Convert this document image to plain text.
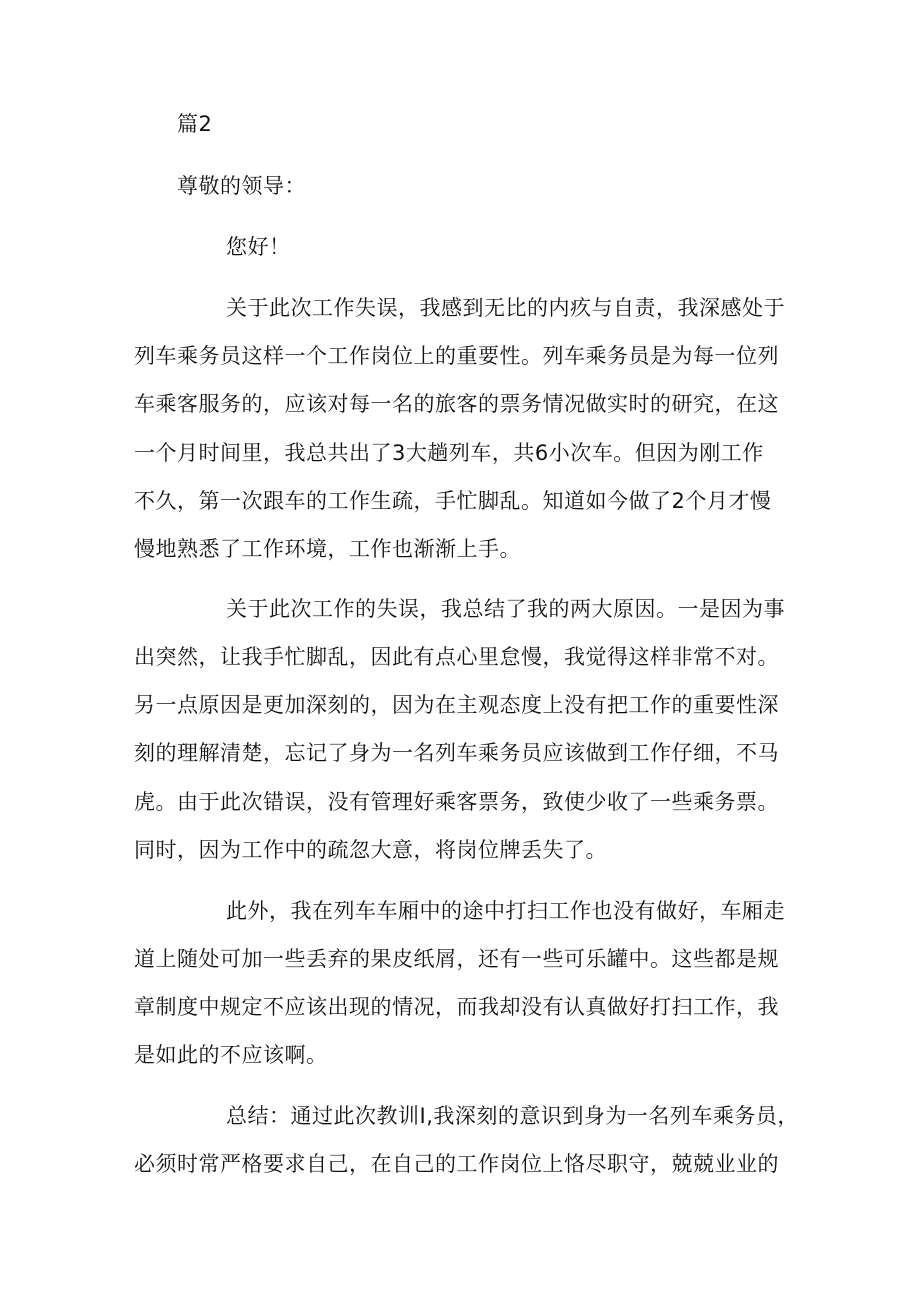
篇2
尊敬的领导：
您好！
关于此次工作失误，我感到无比的内疚与自责，我深感处于
列车乘务员这样一个工作岗位上的重要性。列车乘务员是为每一位列
车乘客服务的，应该对每一名的旅客的票务情况做实时的研究，在这
一个月时间里，我总共出了3大趟列车，共6小次车。但因为刚工作
不久，第一次跟车的工作生疏，手忙脚乱。知道如今做了2个月才慢
慢地熟悉了工作环境，工作也渐渐上手。
关于此次工作的失误，我总结了我的两大原因。一是因为事
出突然，让我手忙脚乱，因此有点心里怠慢，我觉得这样非常不对。
另一点原因是更加深刻的，因为在主观态度上没有把工作的重要性深
刻的理解清楚，忘记了身为一名列车乘务员应该做到工作仔细，不马
虎。由于此次错误，没有管理好乘客票务，致使少收了一些乘务票。
同时，因为工作中的疏忽大意，将岗位牌丢失了。
此外，我在列车车厢中的途中打扫工作也没有做好，车厢走
道上随处可加一些丢弃的果皮纸屑，还有一些可乐罐中。这些都是规
章制度中规定不应该出现的情况，而我却没有认真做好打扫工作，我
是如此的不应该啊。
总结：通过此次教训I,我深刻的意识到身为一名列车乘务员，
必须时常严格要求自己，在自己的工作岗位上恪尽职守，兢兢业业的
